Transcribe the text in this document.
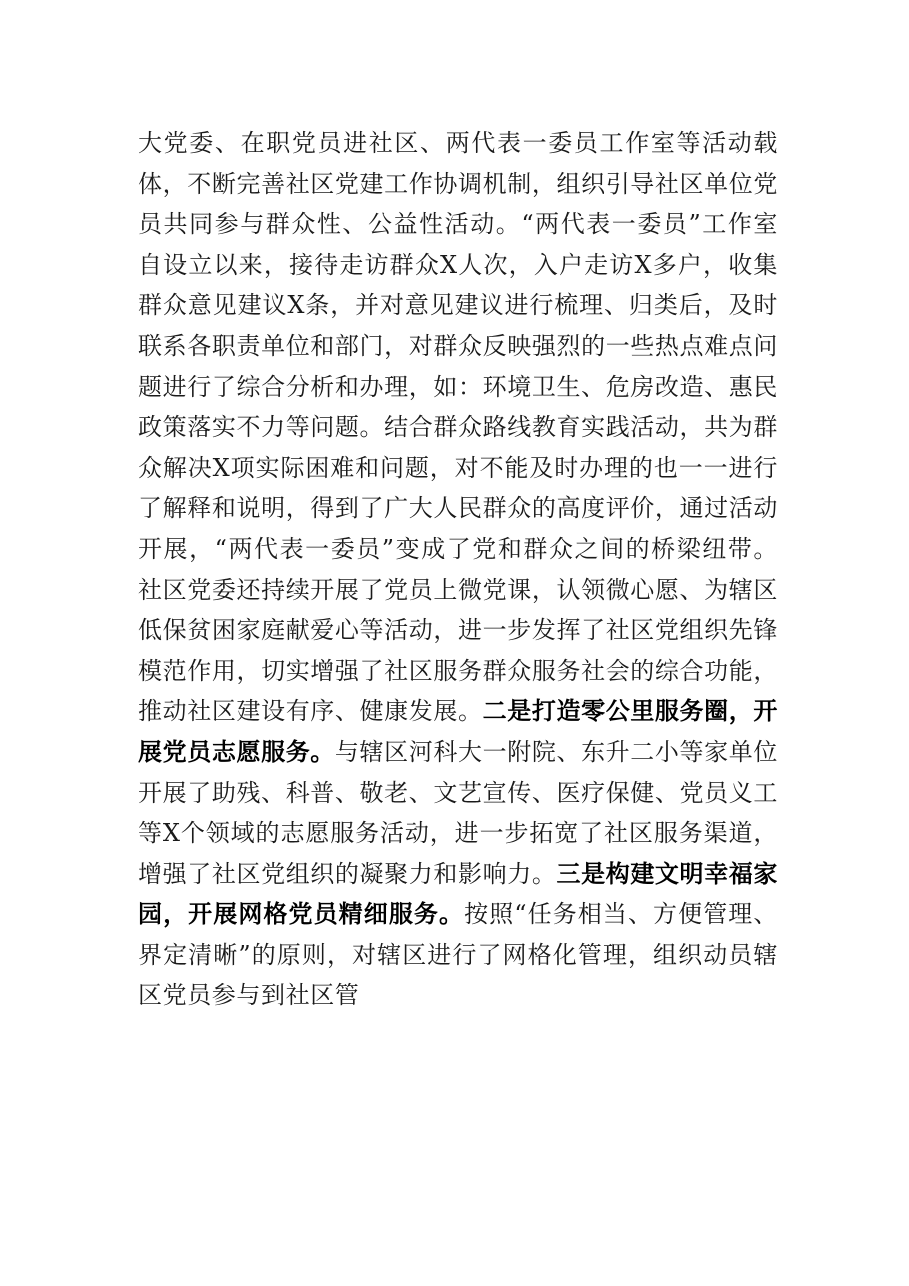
大党委、在职党员进社区、两代表一委员工作室等活动载体，不断完善社区党建工作协调机制，组织引导社区单位党员共同参与群众性、公益性活动。“两代表一委员”工作室自设立以来，接待走访群众X人次，入户走访X多户，收集群众意见建议X条，并对意见建议进行梳理、归类后，及时联系各职责单位和部门，对群众反映强烈的一些热点难点问题进行了综合分析和办理，如：环境卫生、危房改造、惠民政策落实不力等问题。结合群众路线教育实践活动，共为群众解决X项实际困难和问题，对不能及时办理的也一一进行了解释和说明，得到了广大人民群众的高度评价，通过活动开展，“两代表一委员”变成了党和群众之间的桥梁纽带。社区党委还持续开展了党员上微党课，认领微心愿、为辖区低保贫困家庭献爱心等活动，进一步发挥了社区党组织先锋模范作用，切实增强了社区服务群众服务社会的综合功能，推动社区建设有序、健康发展。二是打造零公里服务圈，开展党员志愿服务。与辖区河科大一附院、东升二小等家单位开展了助残、科普、敬老、文艺宣传、医疗保健、党员义工等X个领域的志愿服务活动，进一步拓宽了社区服务渠道，增强了社区党组织的凝聚力和影响力。三是构建文明幸福家园，开展网格党员精细服务。按照“任务相当、方便管理、界定清晰”的原则，对辖区进行了网格化管理，组织动员辖区党员参与到社区管
